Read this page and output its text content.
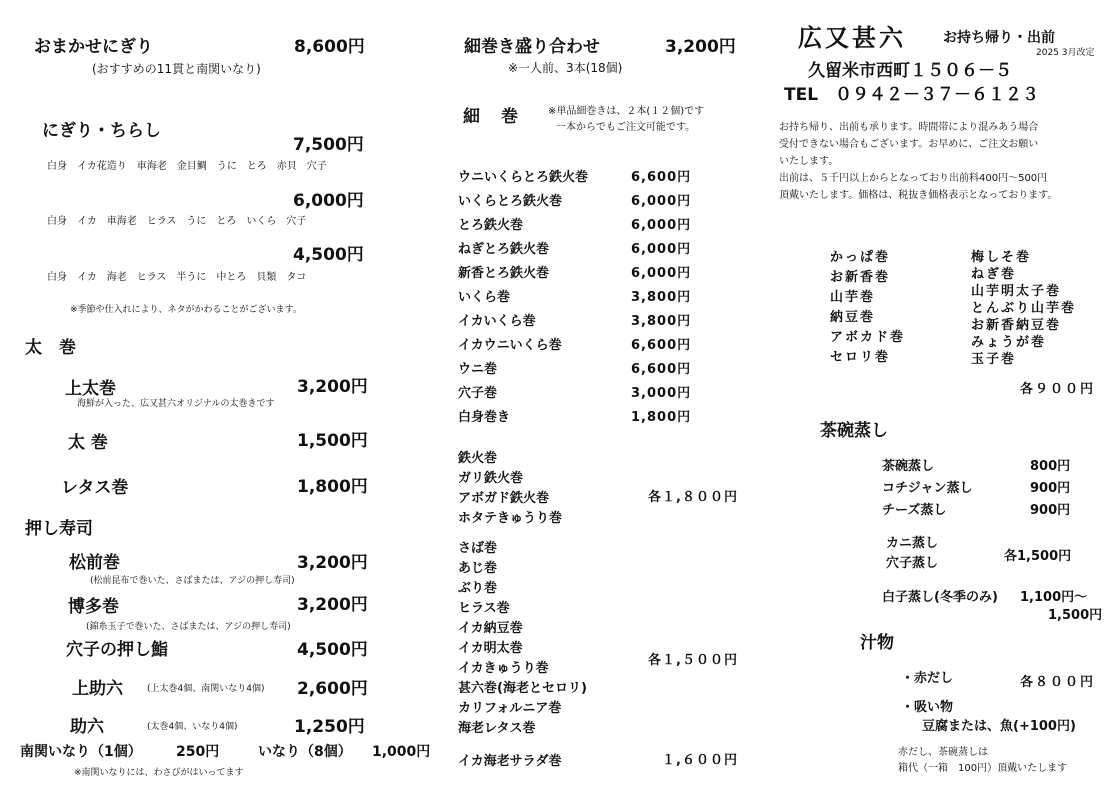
おまかせにぎり	8,600円
(おすすめの11貫と南関いなり)
にぎり・ちらし
7,500円
白身　イカ花造り　車海老　金目鯛　うに　とろ　赤貝　穴子
6,000円
白身　イカ　車海老　ヒラス　うに　とろ　いくら　穴子
4,500円
白身　イカ　海老　ヒラス　半うに　中とろ　貝類　タコ
※季節や仕入れにより、ネタがかわることがございます。
太　巻
上太巻	3,200円
海鮮が入った、広又甚六オリジナルの太巻きです
太 巻	1,500円
レタス巻	1,800円
押し寿司
松前巻	3,200円
(松前昆布で巻いた、さばまたは、アジの押し寿司)
博多巻	3,200円
(錦糸玉子で巻いた、さばまたは、アジの押し寿司)
穴子の押し鮨	4,500円
上助六	(上太巻4個、南関いなり4個) 2,600円
助六	(太巻4個、いなり4個)	1,250円
南関いなり（1個） 250円	いなり（8個） 1,000円
※南関いなりには、わさびがはいってます
細巻き盛り合わせ	3,200円
※一人前、3本(18個)
細　巻	※単品細巻きは、２本(１２個)です
一本からでもご注文可能です。
ウニいくらとろ鉄火巻	6,600円
いくらとろ鉄火巻	6,000円
とろ鉄火巻	6,000円
ねぎとろ鉄火巻	6,000円
新香とろ鉄火巻	6,000円
いくら巻	3,800円
イカいくら巻	3,800円
イカウニいくら巻	6,600円
ウニ巻	6,600円
穴子巻	3,000円
白身巻き	1,800円
鉄火巻
ガリ鉄火巻
アボガド鉄火巻
ホタテきゅうり巻
各１,８００円
さば巻
あじ巻
ぶり巻
ヒラス巻
イカ納豆巻
イカ明太巻
イカきゅうり巻
甚六巻(海老とセロリ)
カリフォルニア巻
海老レタス巻
各１,５００円
イカ海老サラダ巻	１,６００円
広又甚六	お持ち帰り・出前
2025 3月改定
久留米市西町１５０６－５
TEL　０９４２－３７－６１２３
お持ち帰り、出前も承ります。時間帯により混みあう場合
受付できない場合もございます。お早めに、ご注文お願い
いたします。
出前は、５千円以上からとなっており出前料400円～500円
頂戴いたします。価格は、税抜き価格表示となっております。
かっぱ巻
お新香巻
山芋巻
納豆巻
アボカド巻
セロリ巻
梅しそ巻
ねぎ巻
山芋明太子巻
とんぶり山芋巻
お新香納豆巻
みょうが巻
玉子巻
各９００円
茶碗蒸し
茶碗蒸し	800円
コチジャン蒸し	900円
チーズ蒸し	900円
カニ蒸し
穴子蒸し	各1,500円
白子蒸し(冬季のみ) 1,100円～
1,500円
汁物
・赤だし	各８００円
・吸い物
豆腐または、魚(+100円)
赤だし、茶碗蒸しは
箱代（一箱　100円）頂戴いたします
